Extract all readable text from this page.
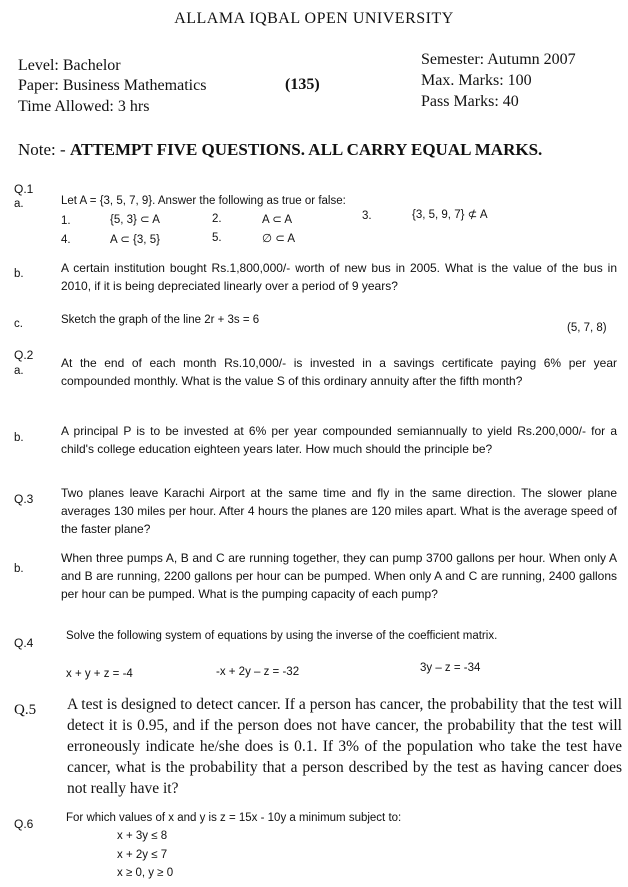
ALLAMA IQBAL OPEN UNIVERSITY
Level: Bachelor
Paper: Business Mathematics	(135)
Time Allowed: 3 hrs
Semester: Autumn 2007
Max. Marks: 100
Pass Marks: 40
Note: - ATTEMPT FIVE QUESTIONS. ALL CARRY EQUAL MARKS.
Q.1
a.	Let A = {3, 5, 7, 9}. Answer the following as true or false:
1.	{5, 3} ⊂ A	2.	A ⊂ A	3.	{3, 5, 9, 7} ⊄ A
4.	A ⊂ {3, 5}	5.	∅ ⊂ A
b.	A certain institution bought Rs.1,800,000/- worth of new bus in 2005. What is the value of the bus in 2010, if it is being depreciated linearly over a period of 9 years?
c.	Sketch the graph of the line 2r + 3s = 6
(5, 7, 8)
Q.2
a.
At the end of each month Rs.10,000/- is invested in a savings certificate paying 6% per year compounded monthly. What is the value S of this ordinary annuity after the fifth month?
b.	A principal P is to be invested at 6% per year compounded semiannually to yield Rs.200,000/- for a child's college education eighteen years later. How much should the principle be?
Q.3 Two planes leave Karachi Airport at the same time and fly in the same direction. The slower plane averages 130 miles per hour. After 4 hours the planes are 120 miles apart. What is the average speed of the faster plane?
b.
When three pumps A, B and C are running together, they can pump 3700 gallons per hour. When only A and B are running, 2200 gallons per hour can be pumped. When only A and C are running, 2400 gallons per hour can be pumped. What is the pumping capacity of each pump?
Q.4	Solve the following system of equations by using the inverse of the coefficient matrix.
x + y + z = -4	-x + 2y – z = -32	3y – z = -34
Q.5 A test is designed to detect cancer. If a person has cancer, the probability that the test will detect it is 0.95, and if the person does not have cancer, the probability that the test will erroneously indicate he/she does is 0.1. If 3% of the population who take the test have cancer, what is the probability that a person described by the test as having cancer does not really have it?
Q.6	For which values of x and y is z = 15x - 10y a minimum subject to:
x + 3y ≤ 8
x + 2y ≤ 7
x ≥ 0, y ≥ 0
